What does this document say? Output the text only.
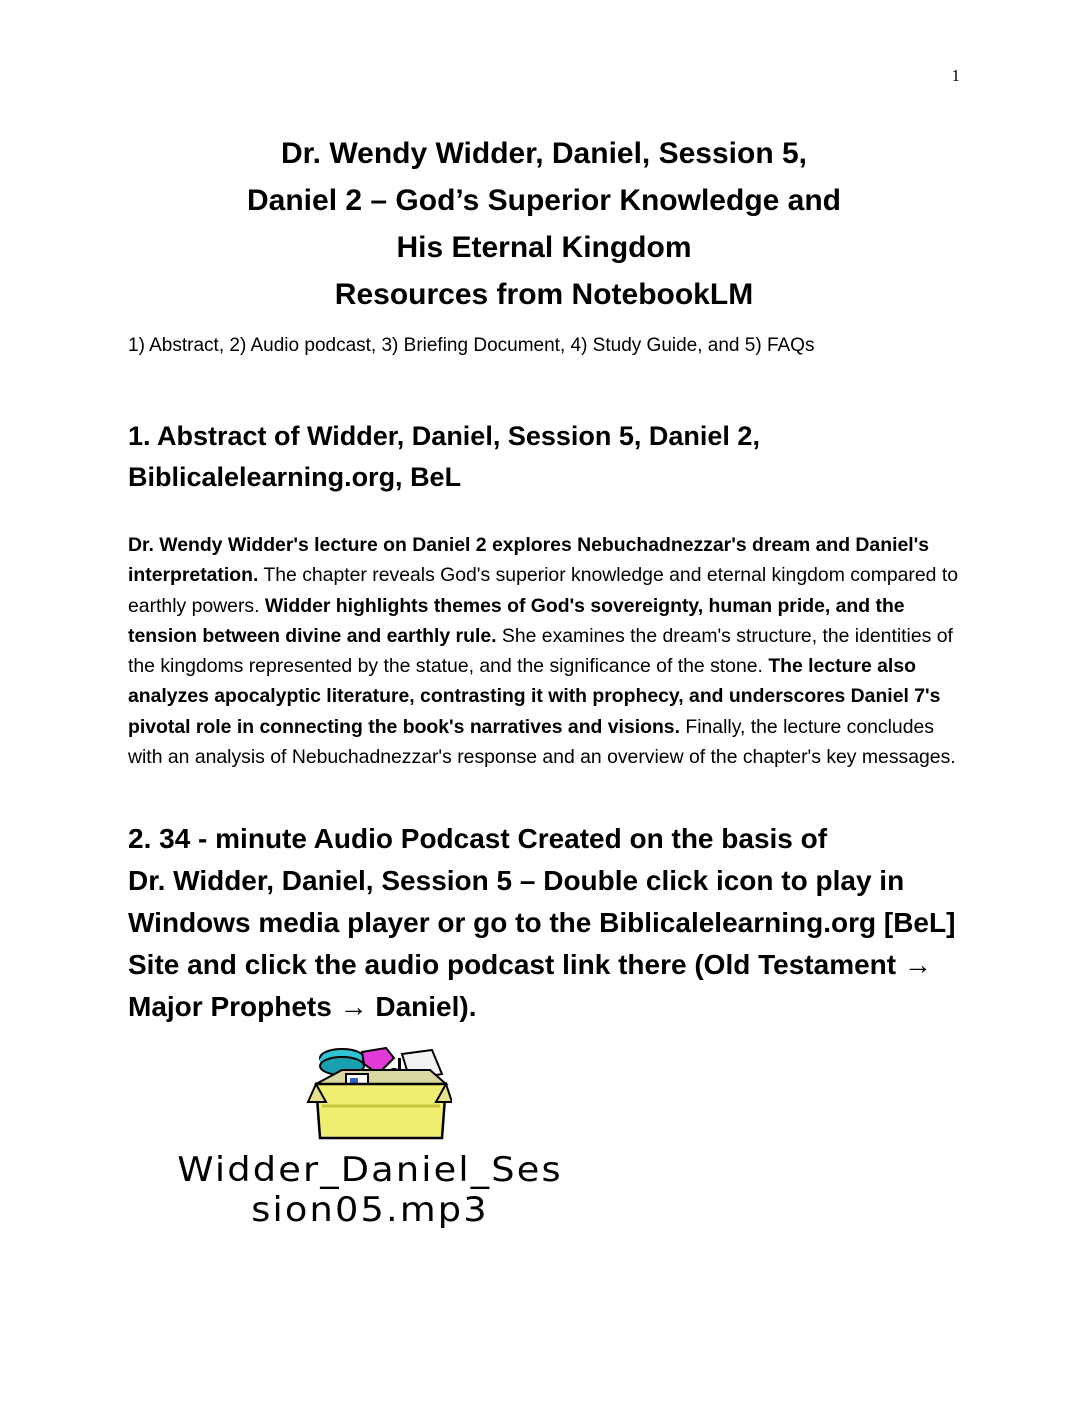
1

Dr. Wendy Widder, Daniel, Session 5,

Daniel 2 – God’s Superior Knowledge and

His Eternal Kingdom

Resources from NotebookLM

1) Abstract, 2) Audio podcast, 3) Briefing Document, 4) Study Guide, and 5) FAQs
1. Abstract of Widder, Daniel, Session 5, Daniel 2,
Biblicalelearning.org, BeL

Dr. Wendy Widder's lecture on Daniel 2 explores Nebuchadnezzar's dream and Daniel's interpretation. The chapter reveals God's superior knowledge and eternal kingdom compared to earthly powers. Widder highlights themes of God's sovereignty, human pride, and the tension between divine and earthly rule. She examines the dream's structure, the identities of the kingdoms represented by the statue, and the significance of the stone. The lecture also analyzes apocalyptic literature, contrasting it with prophecy, and underscores Daniel 7's pivotal role in connecting the book's narratives and visions. Finally, the lecture concludes with an analysis of Nebuchadnezzar's response and an overview of the chapter's key messages.

2. 34 - minute Audio Podcast Created on the basis of
Dr. Widder, Daniel, Session 5 – Double click icon to play in
Windows media player or go to the Biblicalelearning.org [BeL]
Site and click the audio podcast link there (Old Testament →
Major Prophets → Daniel).
Widder_Daniel_Ses
sion05.mp3
